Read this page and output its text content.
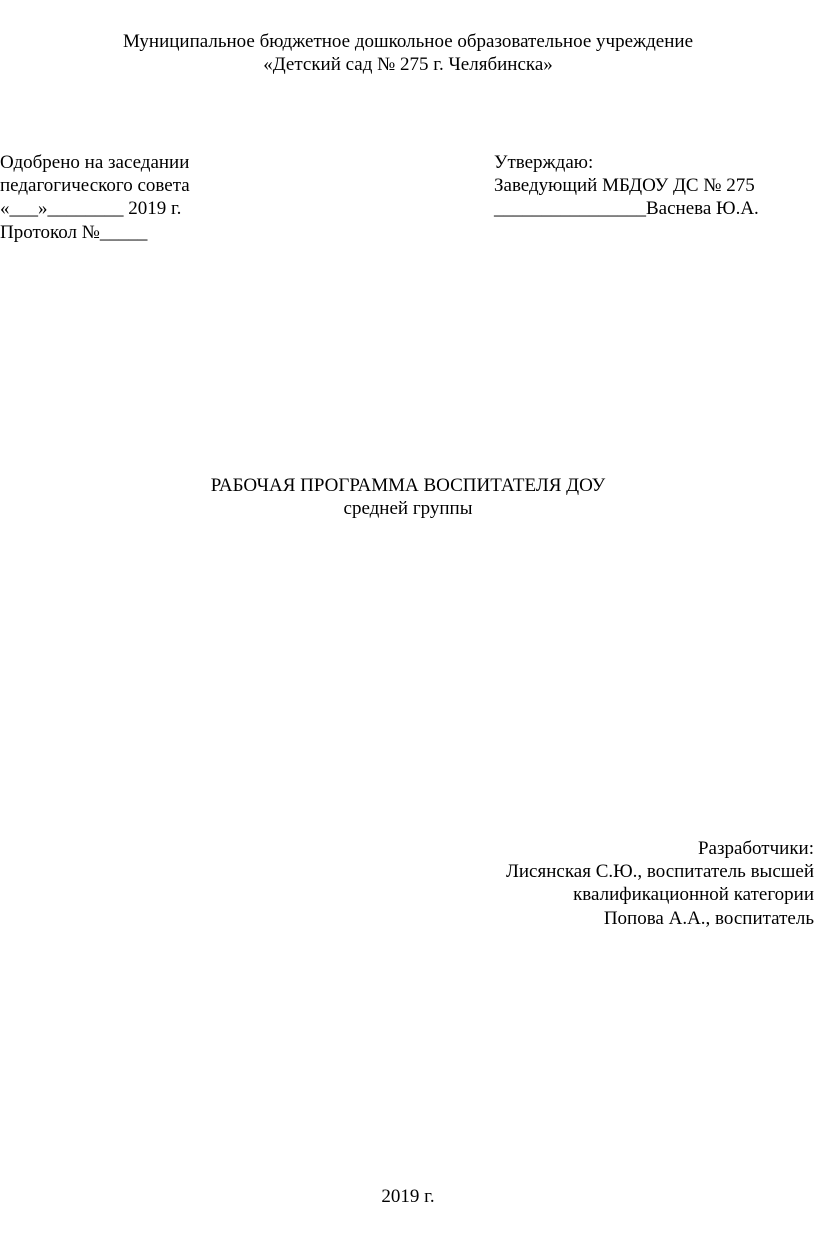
Муниципальное бюджетное дошкольное образовательное учреждение
«Детский сад № 275 г. Челябинска»
Одобрено на заседании
педагогического совета
«___»________ 2019 г.
Протокол №_____
Утверждаю:
Заведующий МБДОУ ДС № 275
________________Васнева Ю.А.
РАБОЧАЯ ПРОГРАММА ВОСПИТАТЕЛЯ ДОУ
средней группы
Разработчики:
Лисянская С.Ю., воспитатель высшей
квалификационной категории
Попова А.А., воспитатель
2019 г.
